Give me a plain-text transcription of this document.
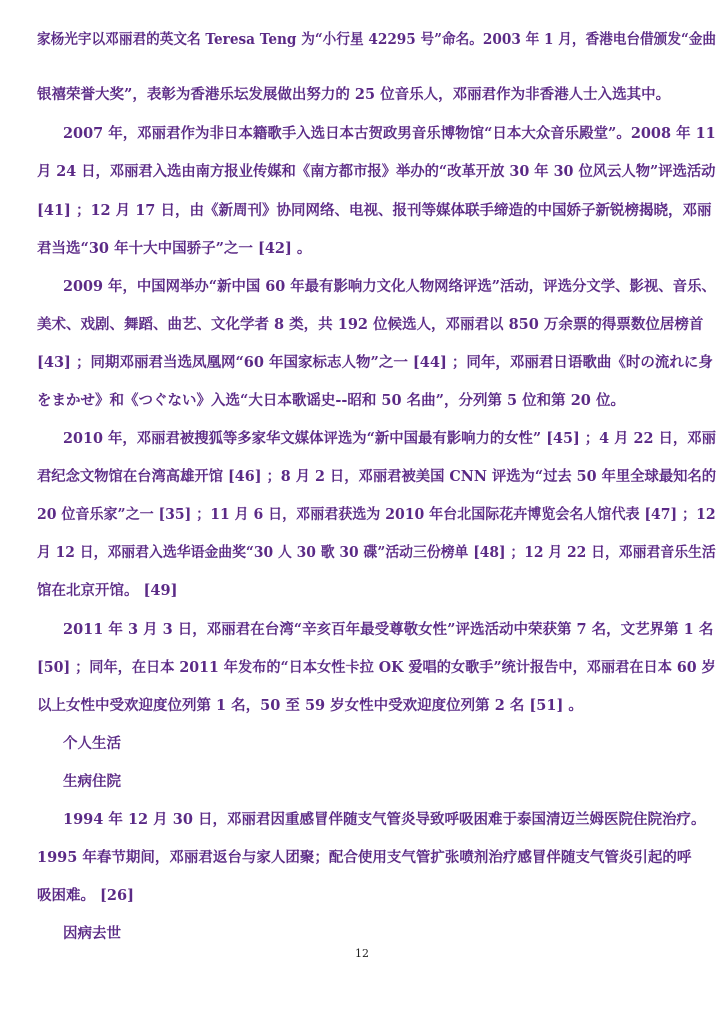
家杨光宇以邓丽君的英文名 Teresa Teng 为“小行星 42295 号”命名。2003 年 1 月，香港电台借颁发“金曲
银禧荣誉大奖”，表彰为香港乐坛发展做出努力的 25 位音乐人，邓丽君作为非香港人士入选其中。
2007 年，邓丽君作为非日本籍歌手入选日本古贺政男音乐博物馆“日本大众音乐殿堂”。2008 年 11
月 24 日，邓丽君入选由南方报业传媒和《南方都市报》举办的“改革开放 30 年 30 位风云人物”评选活动
[41] ；12 月 17 日，由《新周刊》协同网络、电视、报刊等媒体联手缔造的中国娇子新锐榜揭晓，邓丽
君当选“30 年十大中国骄子”之一 [42] 。
2009 年，中国网举办“新中国 60 年最有影响力文化人物网络评选”活动，评选分文学、影视、音乐、
美术、戏剧、舞蹈、曲艺、文化学者 8 类，共 192 位候选人，邓丽君以 850 万余票的得票数位居榜首
[43] ；同期邓丽君当选凤凰网“60 年国家标志人物”之一 [44] ；同年，邓丽君日语歌曲《时の流れに身
をまかせ》和《つぐない》入选“大日本歌谣史--昭和 50 名曲”，分列第 5 位和第 20 位。
2010 年，邓丽君被搜狐等多家华文媒体评选为“新中国最有影响力的女性” [45] ；4 月 22 日，邓丽
君纪念文物馆在台湾高雄开馆 [46] ；8 月 2 日，邓丽君被美国 CNN 评选为“过去 50 年里全球最知名的
20 位音乐家”之一 [35] ；11 月 6 日，邓丽君获选为 2010 年台北国际花卉博览会名人馆代表 [47] ；12
月 12 日，邓丽君入选华语金曲奖“30 人 30 歌 30 碟”活动三份榜单 [48] ；12 月 22 日，邓丽君音乐生活
馆在北京开馆。 [49]
2011 年 3 月 3 日，邓丽君在台湾“辛亥百年最受尊敬女性”评选活动中荣获第 7 名，文艺界第 1 名
[50] ；同年，在日本 2011 年发布的“日本女性卡拉 OK 爱唱的女歌手”统计报告中，邓丽君在日本 60 岁
以上女性中受欢迎度位列第 1 名，50 至 59 岁女性中受欢迎度位列第 2 名 [51] 。
个人生活
生病住院
1994 年 12 月 30 日，邓丽君因重感冒伴随支气管炎导致呼吸困难于泰国清迈兰姆医院住院治疗。
1995 年春节期间，邓丽君返台与家人团聚；配合使用支气管扩张喷剂治疗感冒伴随支气管炎引起的呼
吸困难。 [26]
因病去世
12
